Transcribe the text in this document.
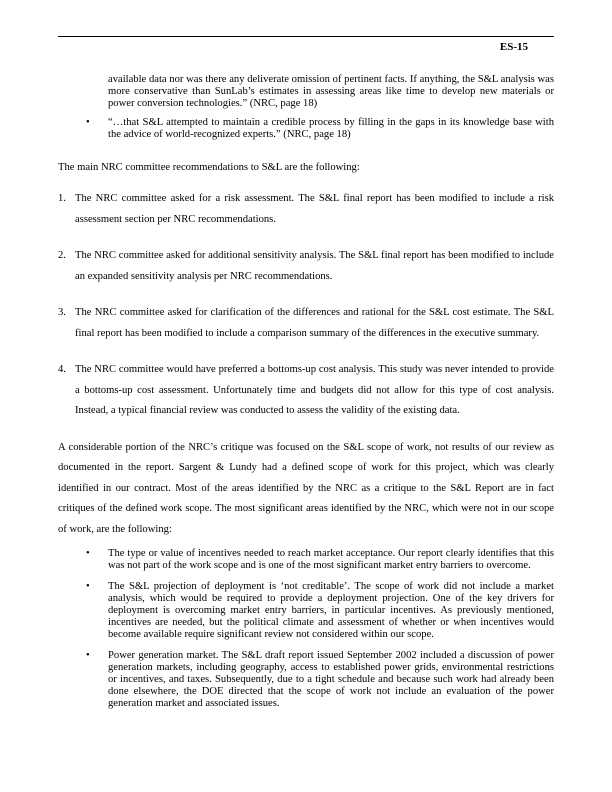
ES-15

available data nor was there any deliverate omission of pertinent facts. If anything, the S&L analysis was more conservative than SunLab’s estimates in assessing areas like time to develop new materials or power conversion technologies.” (NRC, page 18)

• “…that S&L attempted to maintain a credible process by filling in the gaps in its knowledge base with the advice of world-recognized experts.” (NRC, page 18)

The main NRC committee recommendations to S&L are the following:

1. The NRC committee asked for a risk assessment. The S&L final report has been modified to include a risk assessment section per NRC recommendations.
2. The NRC committee asked for additional sensitivity analysis. The S&L final report has been modified to include an expanded sensitivity analysis per NRC recommendations.
3. The NRC committee asked for clarification of the differences and rational for the S&L cost estimate. The S&L final report has been modified to include a comparison summary of the differences in the executive summary.
4. The NRC committee would have preferred a bottoms-up cost analysis. This study was never intended to provide a bottoms-up cost assessment. Unfortunately time and budgets did not allow for this type of cost analysis. Instead, a typical financial review was conducted to assess the validity of the existing data.

A considerable portion of the NRC’s critique was focused on the S&L scope of work, not results of our review as documented in the report. Sargent & Lundy had a defined scope of work for this project, which was clearly identified in our contract. Most of the areas identified by the NRC as a critique to the S&L Report are in fact critiques of the defined work scope. The most significant areas identified by the NRC, which were not in our scope of work, are the following:

• The type or value of incentives needed to reach market acceptance. Our report clearly identifies that this was not part of the work scope and is one of the most significant market entry barriers to overcome.
• The S&L projection of deployment is ‘not creditable’. The scope of work did not include a market analysis, which would be required to provide a deployment projection. One of the key drivers for deployment is overcoming market entry barriers, in particular incentives. As previously mentioned, incentives are needed, but the political climate and assessment of whether or when incentives would become available require significant review not considered within our scope.
• Power generation market. The S&L draft report issued September 2002 included a discussion of power generation markets, including geography, access to established power grids, environmental restrictions or incentives, and taxes. Subsequently, due to a tight schedule and because such work had already been done elsewhere, the DOE directed that the scope of work not include an evaluation of the power generation market and associated issues.
